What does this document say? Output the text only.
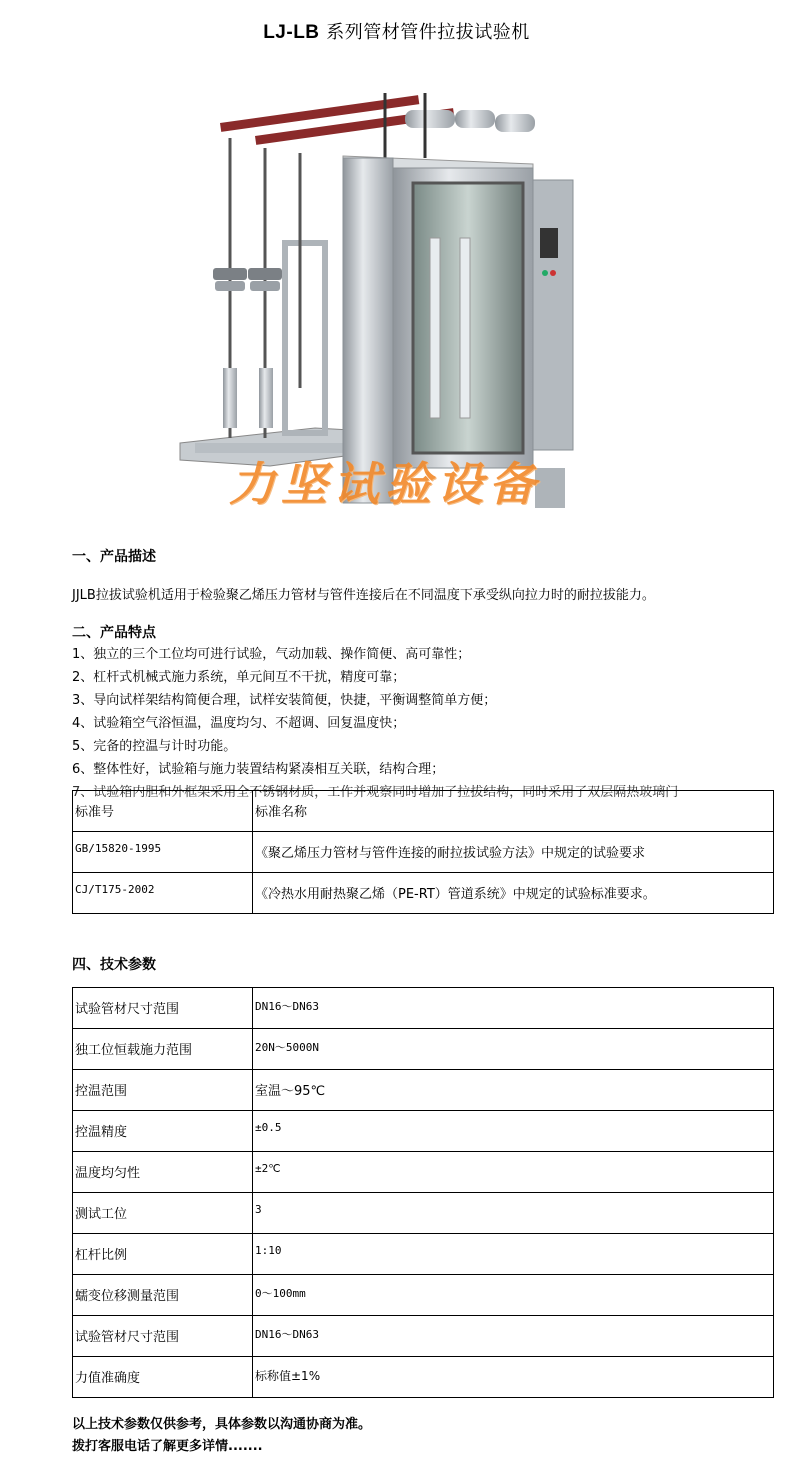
LJ-LB 系列管材管件拉拔试验机
力坚试验设备
一、产品描述
JJLB拉拔试验机适用于检验聚乙烯压力管材与管件连接后在不同温度下承受纵向拉力时的耐拉拔能力。
二、产品特点
1、独立的三个工位均可进行试验，气动加载、操作简便、高可靠性；
2、杠杆式机械式施力系统，单元间互不干扰，精度可靠；
3、导向试样架结构简便合理，试样安装简便，快捷，平衡调整简单方便；
4、试验箱空气浴恒温，温度均匀、不超调、回复温度快；
5、完备的控温与计时功能。
6、整体性好，试验箱与施力装置结构紧凑相互关联，结构合理；
7、试验箱内胆和外框架采用全不锈钢材质，工作并观察同时增加了拉拔结构，同时采用了双层隔热玻璃门
标准号	标准名称
GB/15820-1995	《聚乙烯压力管材与管件连接的耐拉拔试验方法》中规定的试验要求
CJ/T175-2002	《冷热水用耐热聚乙烯（PE-RT）管道系统》中规定的试验标准要求。
四、技术参数
试验管材尺寸范围	DN16～DN63
独工位恒载施力范围	20N～5000N
控温范围	室温～95℃
控温精度	±0.5
温度均匀性	±2℃
测试工位	3
杠杆比例	1:10
蠕变位移测量范围	0～100mm
试验管材尺寸范围	DN16～DN63
力值准确度	标称值±1%
以上技术参数仅供参考，具体参数以沟通协商为准。
拨打客服电话了解更多详情.......
